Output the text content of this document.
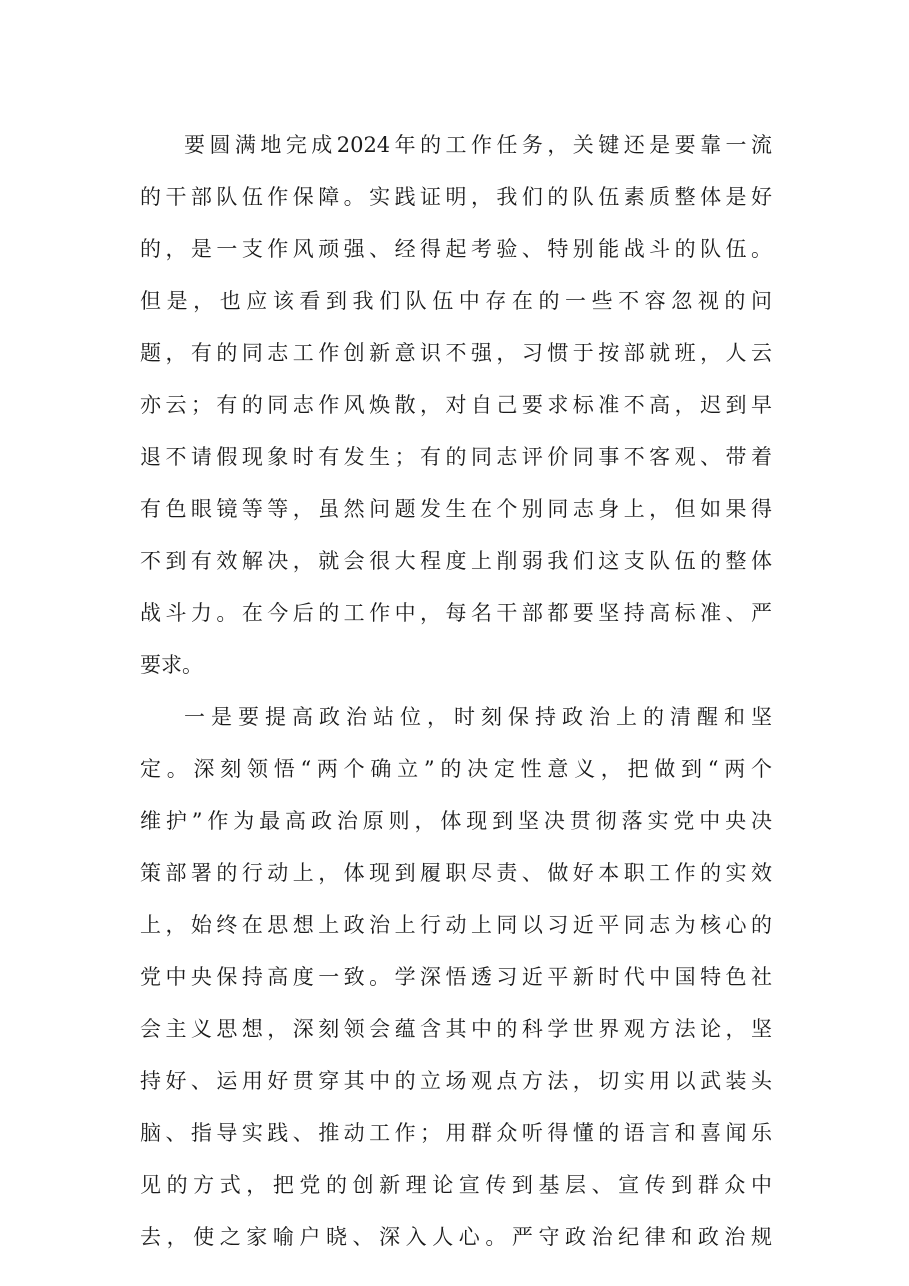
要圆满地完成2024年的工作任务，关键还是要靠一流
的干部队伍作保障。实践证明，我们的队伍素质整体是好
的，是一支作风顽强、经得起考验、特别能战斗的队伍。
但是，也应该看到我们队伍中存在的一些不容忽视的问
题，有的同志工作创新意识不强，习惯于按部就班，人云
亦云；有的同志作风焕散，对自己要求标准不高，迟到早
退不请假现象时有发生；有的同志评价同事不客观、带着
有色眼镜等等，虽然问题发生在个别同志身上，但如果得
不到有效解决，就会很大程度上削弱我们这支队伍的整体
战斗力。在今后的工作中，每名干部都要坚持高标准、严
要求。
一是要提高政治站位，时刻保持政治上的清醒和坚
定。深刻领悟“两个确立”的决定性意义，把做到“两个
维护”作为最高政治原则，体现到坚决贯彻落实党中央决
策部署的行动上，体现到履职尽责、做好本职工作的实效
上，始终在思想上政治上行动上同以习近平同志为核心的
党中央保持高度一致。学深悟透习近平新时代中国特色社
会主义思想，深刻领会蕴含其中的科学世界观方法论，坚
持好、运用好贯穿其中的立场观点方法，切实用以武装头
脑、指导实践、推动工作；用群众听得懂的语言和喜闻乐
见的方式，把党的创新理论宣传到基层、宣传到群众中
去，使之家喻户晓、深入人心。严守政治纪律和政治规
